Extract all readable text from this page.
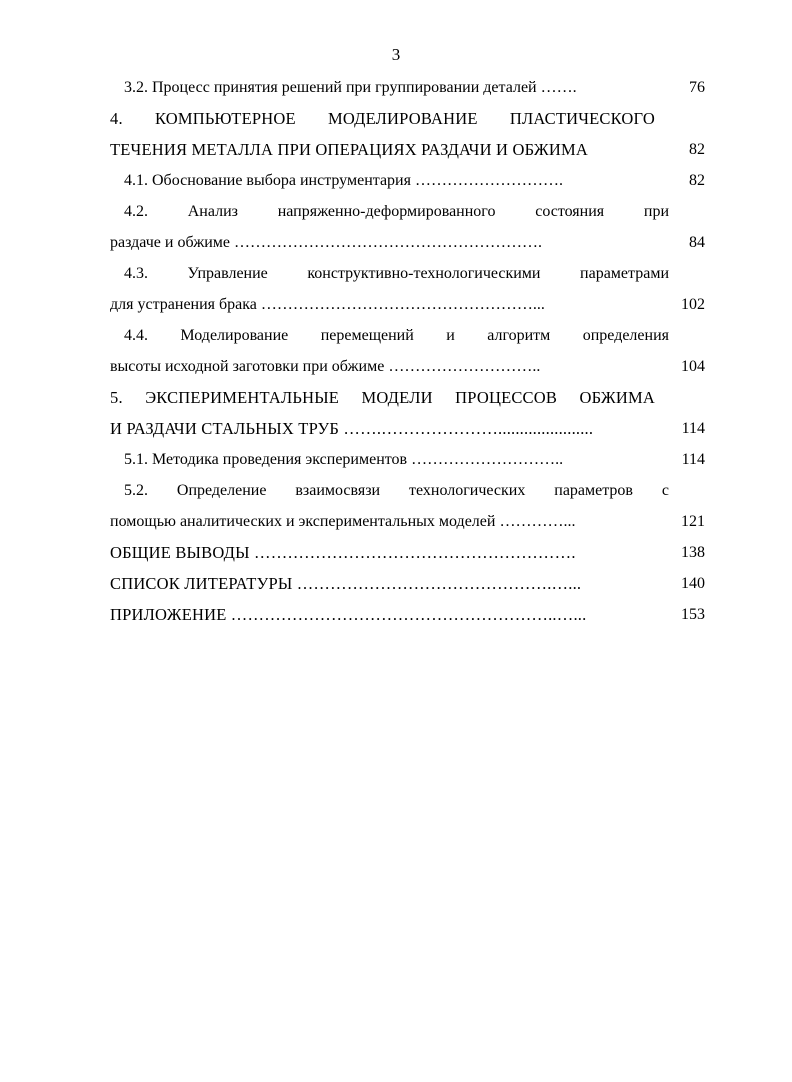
3
3.2. Процесс принятия решений при группировании деталей …….	76
4. КОМПЬЮТЕРНОЕ МОДЕЛИРОВАНИЕ ПЛАСТИЧЕСКОГО
ТЕЧЕНИЯ МЕТАЛЛА ПРИ ОПЕРАЦИЯХ РАЗДАЧИ И ОБЖИМА	82
4.1. Обоснование выбора инструментария ……………………….	82
4.2. Анализ напряженно-деформированного состояния при
раздаче и обжиме ………………………………………………….	84
4.3. Управление конструктивно-технологическими параметрами
для устранения брака ……………………………………………...	102
4.4. Моделирование перемещений и алгоритм определения
высоты исходной заготовки при обжиме ………………………..	104
5. ЭКСПЕРИМЕНТАЛЬНЫЕ МОДЕЛИ ПРОЦЕССОВ ОБЖИМА
И РАЗДАЧИ СТАЛЬНЫХ ТРУБ …….…………………......................	114
5.1. Методика проведения экспериментов ………………………..	114
5.2. Определение взаимосвязи технологических параметров с
помощью аналитических и экспериментальных моделей …………...	121
ОБЩИЕ ВЫВОДЫ ………………………………………………….	138
СПИСОК ЛИТЕРАТУРЫ ……………………………………….…...	140
ПРИЛОЖЕНИЕ …………………………………………………..…...	153
